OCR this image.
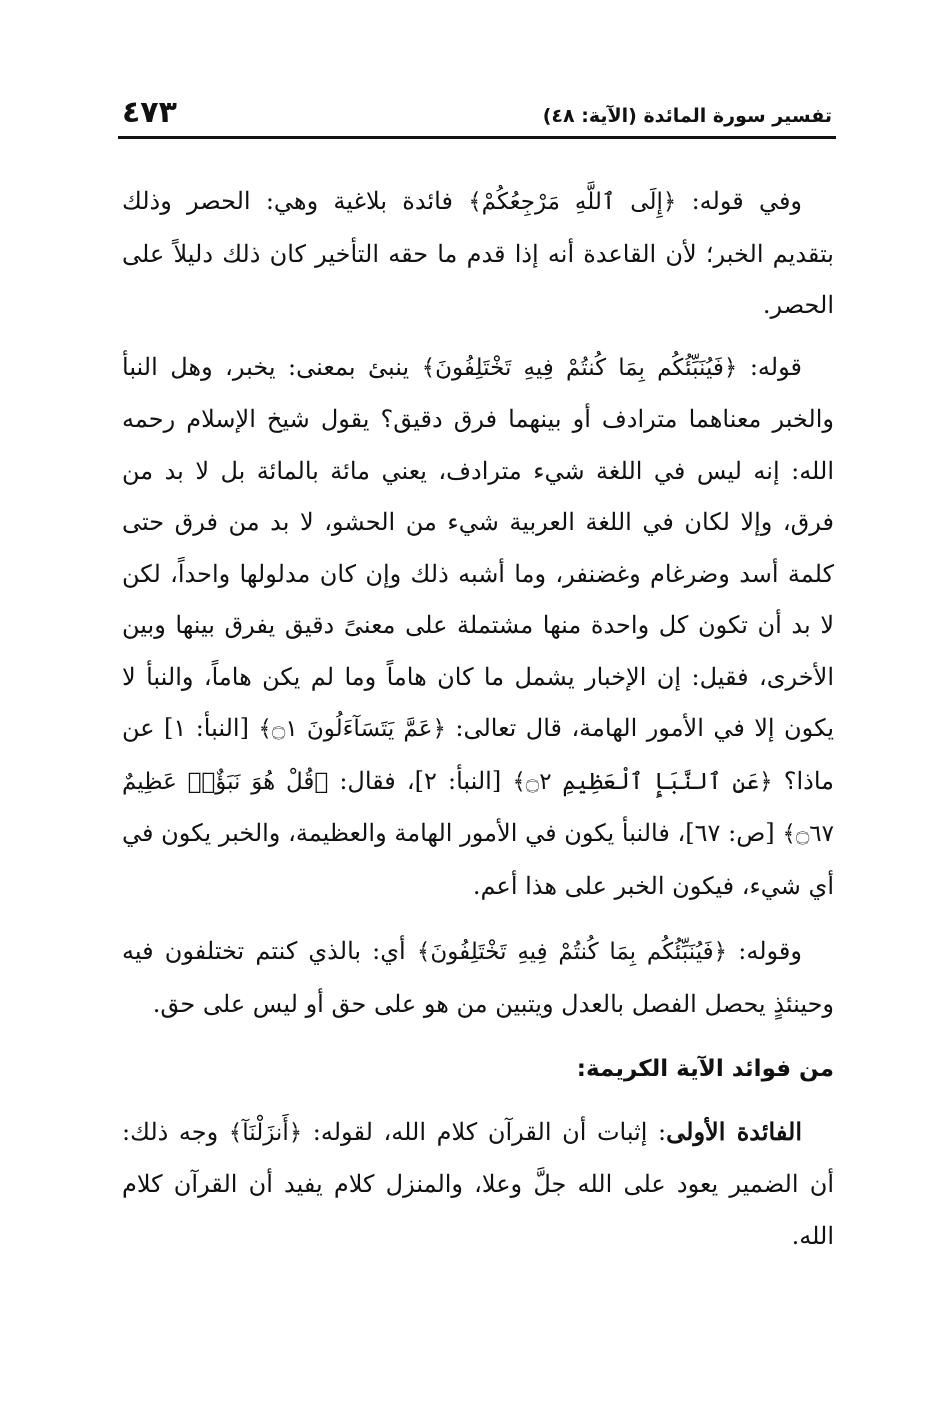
تفسير سورة المائدة (الآية: ٤٨)
٤٧٣

وفي قوله: ﴿إِلَى ٱللَّهِ مَرْجِعُكُمْ﴾ فائدة بلاغية وهي: الحصر وذلك بتقديم الخبر؛ لأن القاعدة أنه إذا قدم ما حقه التأخير كان ذلك دليلاً على الحصر.

قوله: ﴿فَيُنَبِّئُكُم بِمَا كُنتُمْ فِيهِ تَخْتَلِفُونَ﴾ ينبئ بمعنى: يخبر، وهل النبأ والخبر معناهما مترادف أو بينهما فرق دقيق؟ يقول شيخ الإسلام رحمه الله: إنه ليس في اللغة شيء مترادف، يعني مائة بالمائة بل لا بد من فرق، وإلا لكان في اللغة العربية شيء من الحشو، لا بد من فرق حتى كلمة أسد وضرغام وغضنفر، وما أشبه ذلك وإن كان مدلولها واحداً، لكن لا بد أن تكون كل واحدة منها مشتملة على معنىً دقيق يفرق بينها وبين الأخرى، فقيل: إن الإخبار يشمل ما كان هاماً وما لم يكن هاماً، والنبأ لا يكون إلا في الأمور الهامة، قال تعالى: ﴿عَمَّ يَتَسَآءَلُونَ ۝١﴾ [النبأ: ١] عن ماذا؟ ﴿عَنِ ٱلنَّبَإِ ٱلْعَظِيمِ ۝٢﴾ [النبأ: ٢]، فقال: ﴿قُلْ هُوَ نَبَؤٌا۟ عَظِيمٌ ۝٦٧﴾ [ص: ٦٧]، فالنبأ يكون في الأمور الهامة والعظيمة، والخبر يكون في أي شيء، فيكون الخبر على هذا أعم.

وقوله: ﴿فَيُنَبِّئُكُم بِمَا كُنتُمْ فِيهِ تَخْتَلِفُونَ﴾ أي: بالذي كنتم تختلفون فيه وحينئذٍ يحصل الفصل بالعدل ويتبين من هو على حق أو ليس على حق.

من فوائد الآية الكريمة:

الفائدة الأولى: إثبات أن القرآن كلام الله، لقوله: ﴿أَنزَلْنَآ﴾ وجه ذلك: أن الضمير يعود على الله جلَّ وعلا، والمنزل كلام يفيد أن القرآن كلام الله.
